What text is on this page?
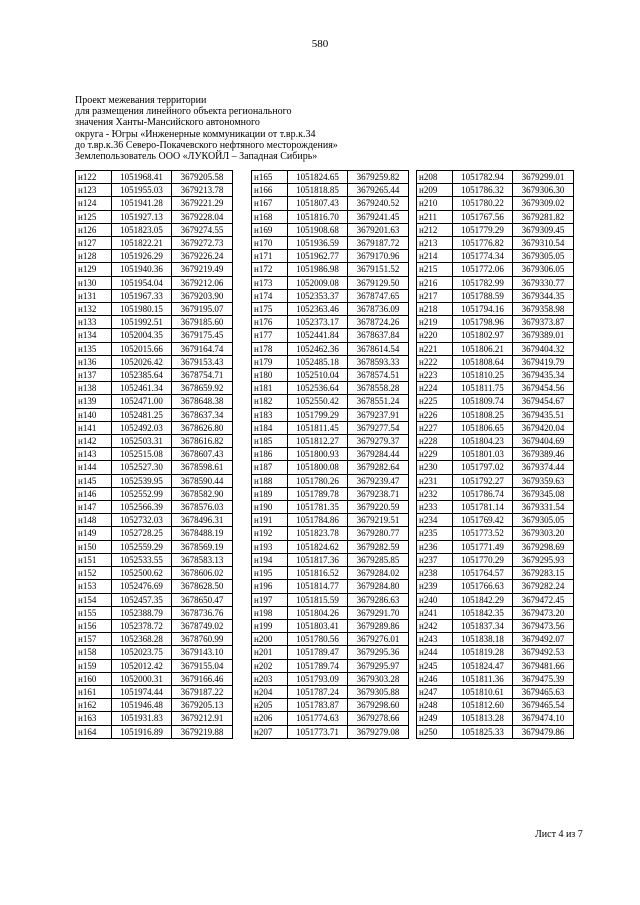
580
Проект межевания территории
для размещения линейного объекта регионального
значения Ханты-Мансийского автономного
округа - Югры «Инженерные коммуникации от т.вр.к.34
до т.вр.к.36 Северо-Покачевского нефтяного месторождения»
Землепользователь ООО «ЛУКОЙЛ – Западная Сибирь»
н122	1051968.41	3679205.58
н123	1051955.03	3679213.78
н124	1051941.28	3679221.29
н125	1051927.13	3679228.04
н126	1051823.05	3679274.55
н127	1051822.21	3679272.73
н128	1051926.29	3679226.24
н129	1051940.36	3679219.49
н130	1051954.04	3679212.06
н131	1051967.33	3679203.90
н132	1051980.15	3679195.07
н133	1051992.51	3679185.60
н134	1052004.35	3679175.45
н135	1052015.66	3679164.74
н136	1052026.42	3679153.43
н137	1052385.64	3678754.71
н138	1052461.34	3678659.92
н139	1052471.00	3678648.38
н140	1052481.25	3678637.34
н141	1052492.03	3678626.80
н142	1052503.31	3678616.82
н143	1052515.08	3678607.43
н144	1052527.30	3678598.61
н145	1052539.95	3678590.44
н146	1052552.99	3678582.90
н147	1052566.39	3678576.03
н148	1052732.03	3678496.31
н149	1052728.25	3678488.19
н150	1052559.29	3678569.19
н151	1052533.55	3678583.13
н152	1052500.62	3678606.02
н153	1052476.69	3678628.50
н154	1052457.35	3678650.47
н155	1052388.79	3678736.76
н156	1052378.72	3678749.02
н157	1052368.28	3678760.99
н158	1052023.75	3679143.10
н159	1052012.42	3679155.04
н160	1052000.31	3679166.46
н161	1051974.44	3679187.22
н162	1051946.48	3679205.13
н163	1051931.83	3679212.91
н164	1051916.89	3679219.88
н165	1051824.65	3679259.82
н166	1051818.85	3679265.44
н167	1051807.43	3679240.52
н168	1051816.70	3679241.45
н169	1051908.68	3679201.63
н170	1051936.59	3679187.72
н171	1051962.77	3679170.96
н172	1051986.98	3679151.52
н173	1052009.08	3679129.50
н174	1052353.37	3678747.65
н175	1052363.46	3678736.09
н176	1052373.17	3678724.26
н177	1052441.84	3678637.84
н178	1052462.36	3678614.54
н179	1052485.18	3678593.33
н180	1052510.04	3678574.51
н181	1052536.64	3678558.28
н182	1052550.42	3678551.24
н183	1051799.29	3679237.91
н184	1051811.45	3679277.54
н185	1051812.27	3679279.37
н186	1051800.93	3679284.44
н187	1051800.08	3679282.64
н188	1051780.26	3679239.47
н189	1051789.78	3679238.71
н190	1051781.35	3679220.59
н191	1051784.86	3679219.51
н192	1051823.78	3679280.77
н193	1051824.62	3679282.59
н194	1051817.36	3679285.85
н195	1051816.52	3679284.02
н196	1051814.77	3679284.80
н197	1051815.59	3679286.63
н198	1051804.26	3679291.70
н199	1051803.41	3679289.86
н200	1051780.56	3679276.01
н201	1051789.47	3679295.36
н202	1051789.74	3679295.97
н203	1051793.09	3679303.28
н204	1051787.24	3679305.88
н205	1051783.87	3679298.60
н206	1051774.63	3679278.66
н207	1051773.71	3679279.08
н208	1051782.94	3679299.01
н209	1051786.32	3679306.30
н210	1051780.22	3679309.02
н211	1051767.56	3679281.82
н212	1051779.29	3679309.45
н213	1051776.82	3679310.54
н214	1051774.34	3679305.05
н215	1051772.06	3679306.05
н216	1051782.99	3679330.77
н217	1051788.59	3679344.35
н218	1051794.16	3679358.98
н219	1051798.96	3679373.87
н220	1051802.97	3679389.01
н221	1051806.21	3679404.32
н222	1051808.64	3679419.79
н223	1051810.25	3679435.34
н224	1051811.75	3679454.56
н225	1051809.74	3679454.67
н226	1051808.25	3679435.51
н227	1051806.65	3679420.04
н228	1051804.23	3679404.69
н229	1051801.03	3679389.46
н230	1051797.02	3679374.44
н231	1051792.27	3679359.63
н232	1051786.74	3679345.08
н233	1051781.14	3679331.54
н234	1051769.42	3679305.05
н235	1051773.52	3679303.20
н236	1051771.49	3679298.69
н237	1051770.29	3679295.93
н238	1051764.57	3679283.15
н239	1051766.63	3679282.24
н240	1051842.29	3679472.45
н241	1051842.35	3679473.20
н242	1051837.34	3679473.56
н243	1051838.18	3679492.07
н244	1051819.28	3679492.53
н245	1051824.47	3679481.66
н246	1051811.36	3679475.39
н247	1051810.61	3679465.63
н248	1051812.60	3679465.54
н249	1051813.28	3679474.10
н250	1051825.33	3679479.86
Лист 4 из 7
